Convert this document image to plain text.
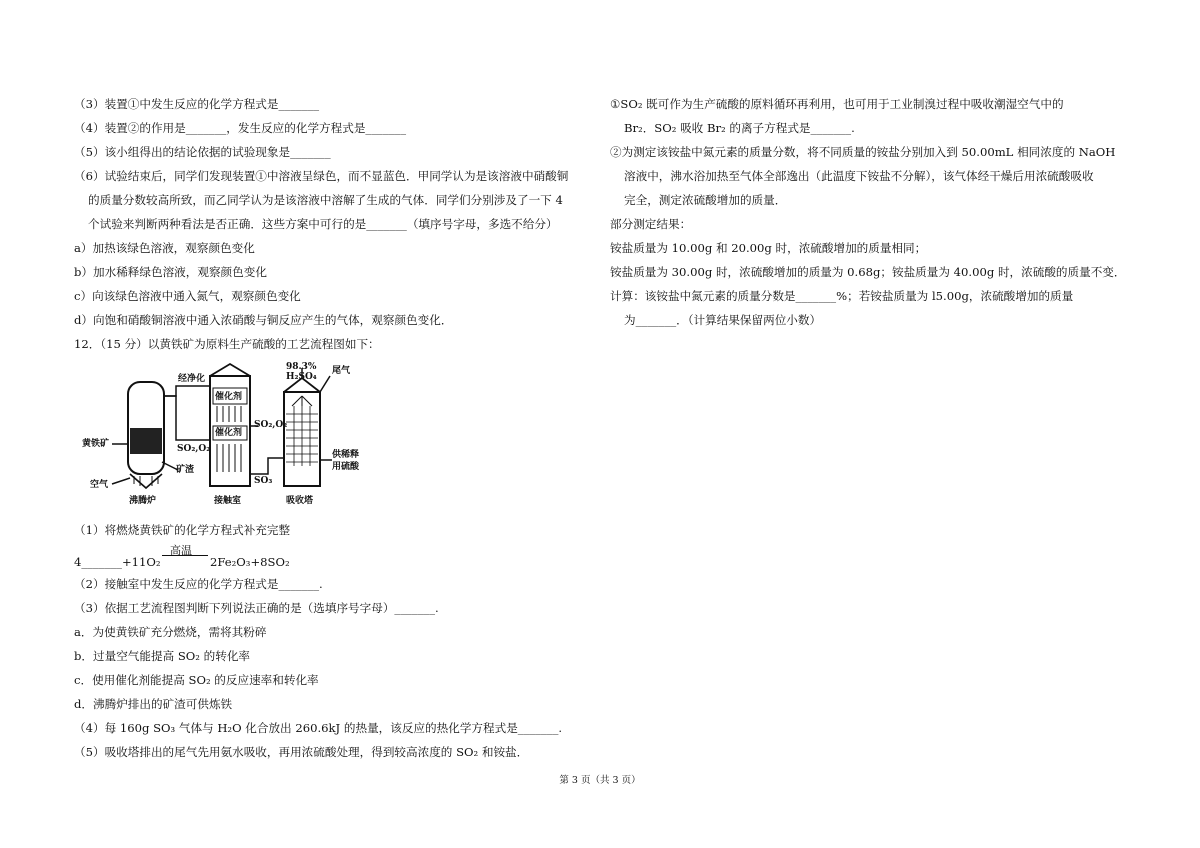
（3）装置①中发生反应的化学方程式是_______
（4）装置②的作用是_______，发生反应的化学方程式是_______
（5）该小组得出的结论依据的试验现象是_______
（6）试验结束后，同学们发现装置①中溶液呈绿色，而不显蓝色．甲同学认为是该溶液中硝酸铜
的质量分数较高所致，而乙同学认为是该溶液中溶解了生成的气体．同学们分别涉及了一下 4
个试验来判断两种看法是否正确．这些方案中可行的是_______（填序号字母，多选不给分）
a）加热该绿色溶液，观察颜色变化
b）加水稀释绿色溶液，观察颜色变化
c）向该绿色溶液中通入氮气，观察颜色变化
d）向饱和硝酸铜溶液中通入浓硝酸与铜反应产生的气体，观察颜色变化．
12．（15 分）以黄铁矿为原料生产硫酸的工艺流程图如下：
黄铁矿
空气
沸腾炉
矿渣
经净化
SO₂,O₂
催化剂
催化剂
SO₂,O₂
SO₃
接触室
98.3%
H₂SO₄
尾气
供稀释
用硫酸
吸收塔
（1）将燃烧黄铁矿的化学方程式补充完整
4_______+11O₂
高温
2Fe₂O₃+8SO₂
（2）接触室中发生反应的化学方程式是_______.
（3）依据工艺流程图判断下列说法正确的是（选填序号字母）_______.
a．为使黄铁矿充分燃烧，需将其粉碎
b．过量空气能提高 SO₂ 的转化率
c．使用催化剂能提高 SO₂ 的反应速率和转化率
d．沸腾炉排出的矿渣可供炼铁
（4）每 160g SO₃ 气体与 H₂O 化合放出 260.6kJ 的热量，该反应的热化学方程式是_______.
（5）吸收塔排出的尾气先用氨水吸收，再用浓硫酸处理，得到较高浓度的 SO₂ 和铵盐．
①SO₂ 既可作为生产硫酸的原料循环再利用，也可用于工业制溴过程中吸收潮湿空气中的
Br₂．SO₂ 吸收 Br₂ 的离子方程式是_______.
②为测定该铵盐中氮元素的质量分数，将不同质量的铵盐分别加入到 50.00mL 相同浓度的 NaOH
溶液中，沸水浴加热至气体全部逸出（此温度下铵盐不分解），该气体经干燥后用浓硫酸吸收
完全，测定浓硫酸增加的质量．
部分测定结果：
铵盐质量为 10.00g 和 20.00g 时，浓硫酸增加的质量相同；
铵盐质量为 30.00g 时，浓硫酸增加的质量为 0.68g；铵盐质量为 40.00g 时，浓硫酸的质量不变．
计算：该铵盐中氮元素的质量分数是_______%；若铵盐质量为 l5.00g，浓硫酸增加的质量
为_______．（计算结果保留两位小数）
第 3 页（共 3 页）
